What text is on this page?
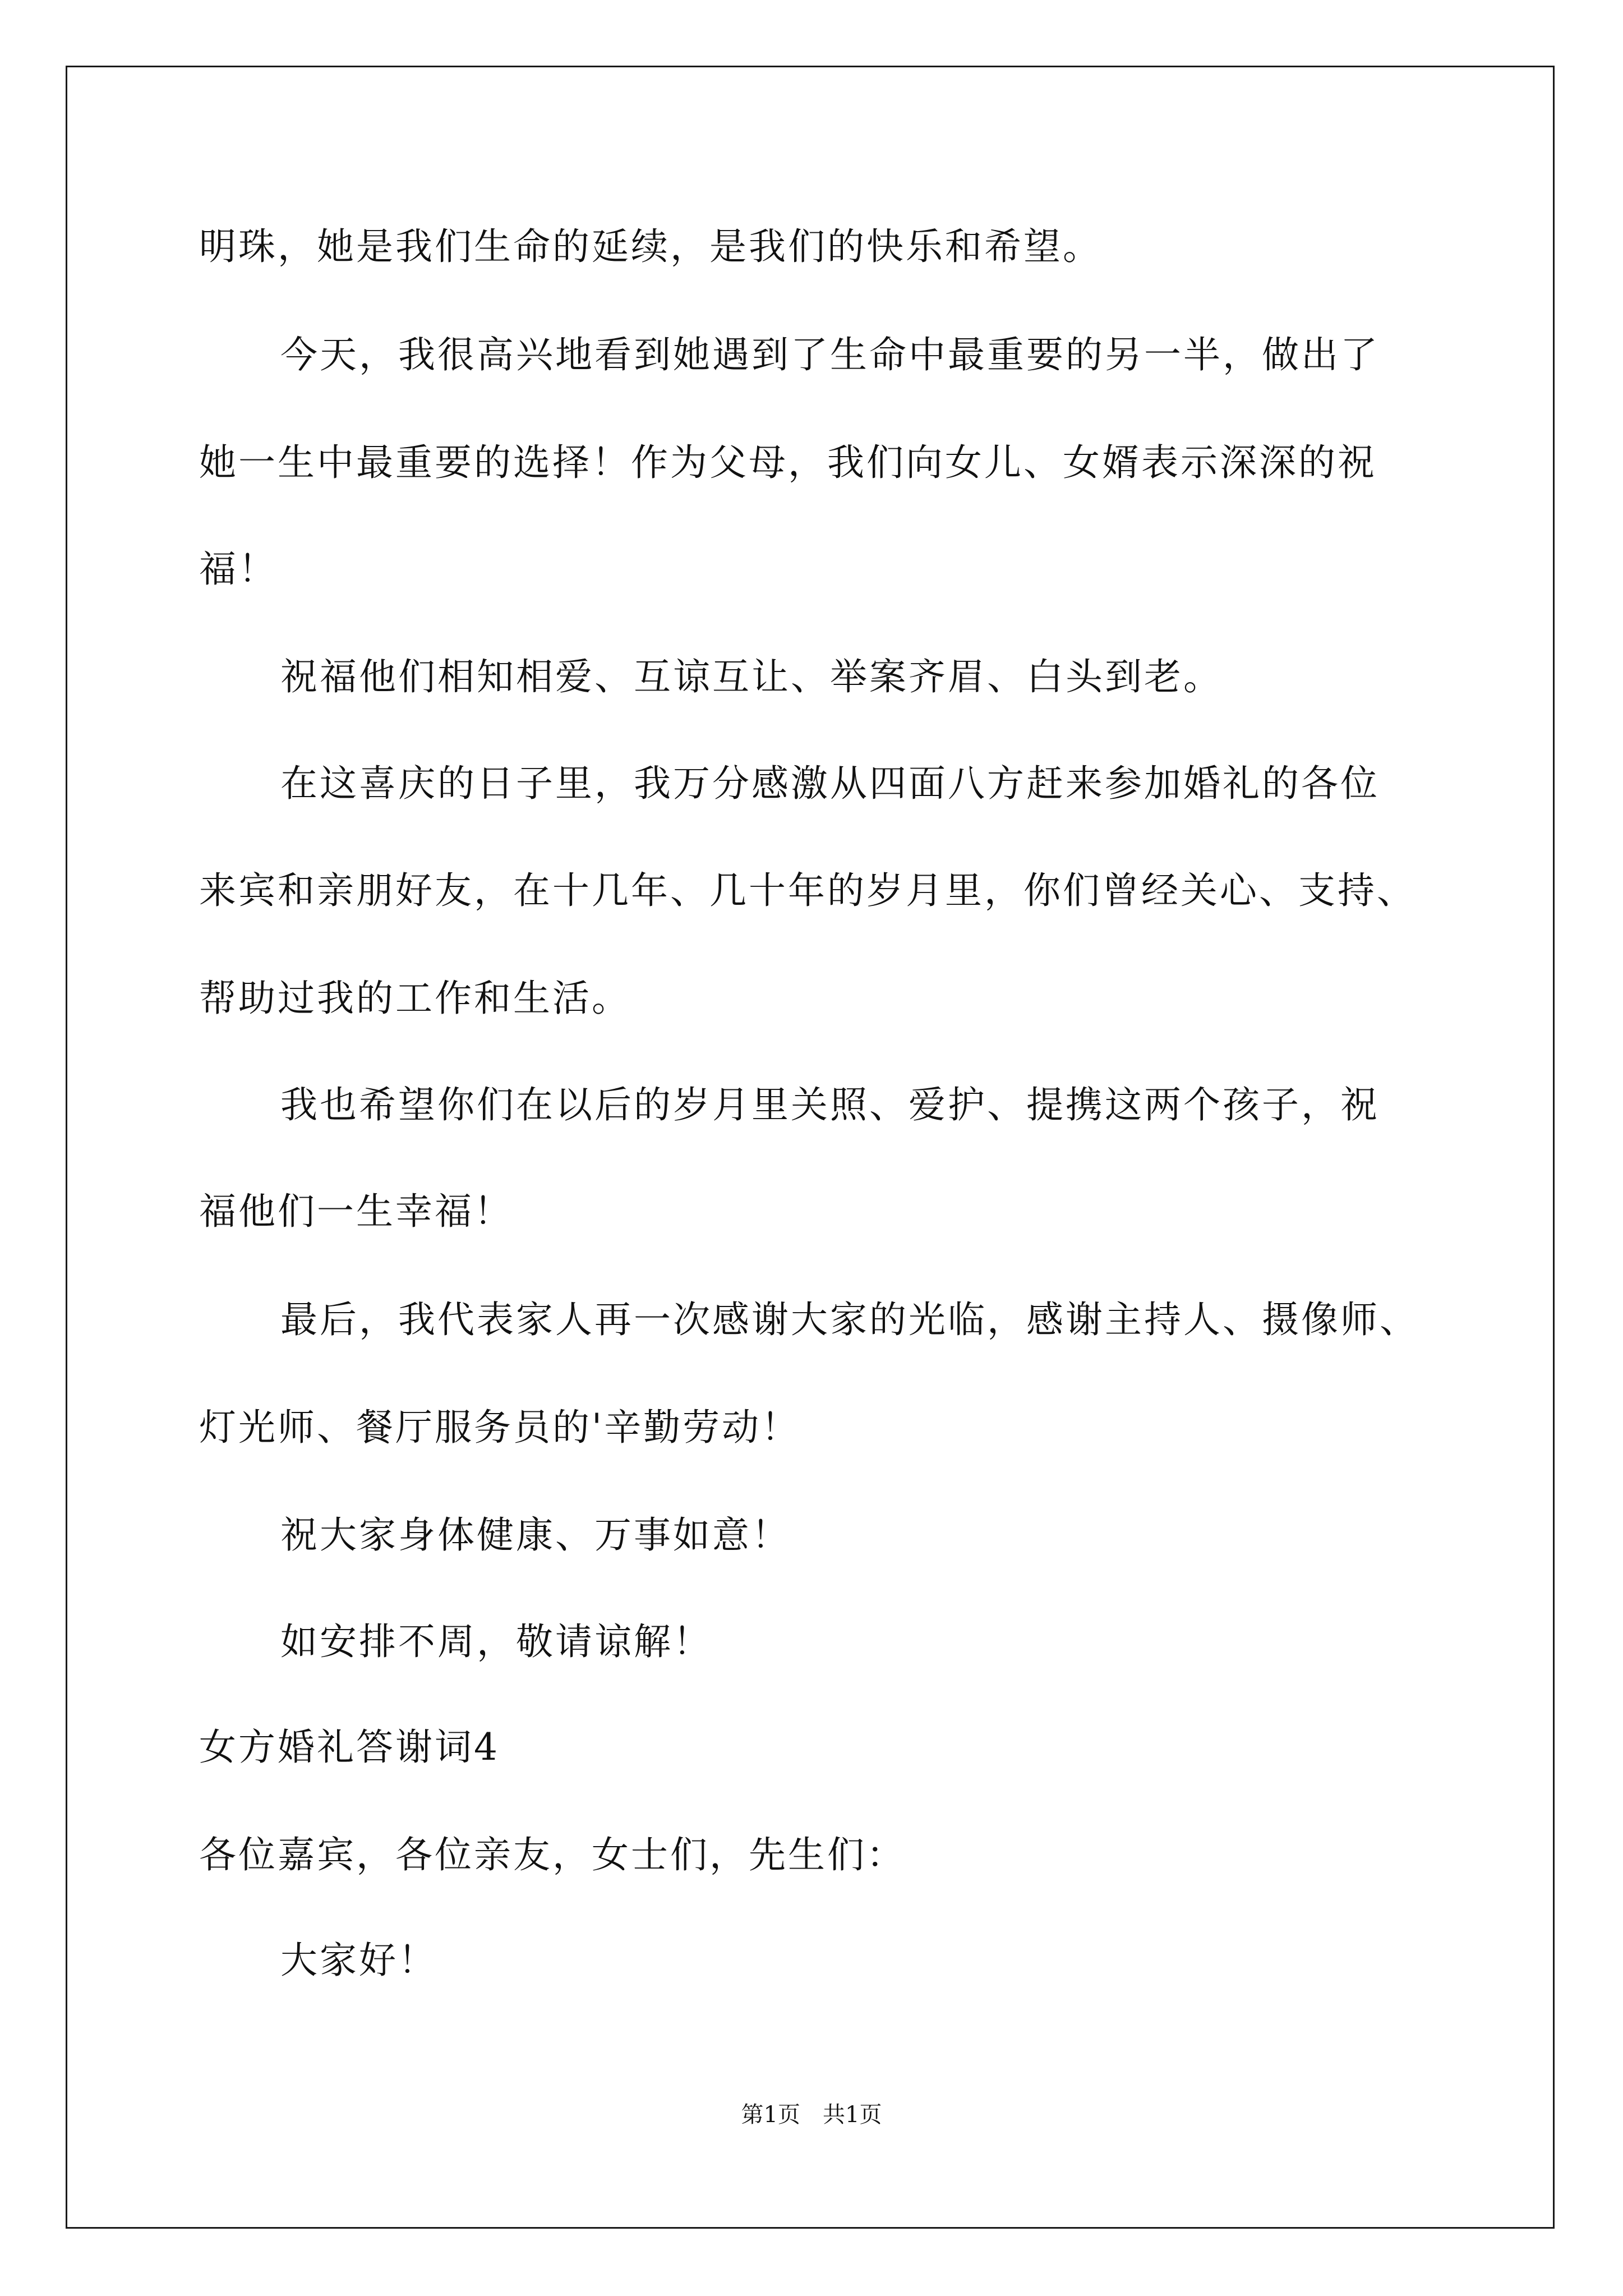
明珠，她是我们生命的延续，是我们的快乐和希望。
今天，我很高兴地看到她遇到了生命中最重要的另一半，做出了
她一生中最重要的选择！作为父母，我们向女儿、女婿表示深深的祝
福！
祝福他们相知相爱、互谅互让、举案齐眉、白头到老。
在这喜庆的日子里，我万分感激从四面八方赶来参加婚礼的各位
来宾和亲朋好友，在十几年、几十年的岁月里，你们曾经关心、支持、
帮助过我的工作和生活。
我也希望你们在以后的岁月里关照、爱护、提携这两个孩子，祝
福他们一生幸福！
最后，我代表家人再一次感谢大家的光临，感谢主持人、摄像师、
灯光师、餐厅服务员的'辛勤劳动！
祝大家身体健康、万事如意！
如安排不周，敬请谅解！
女方婚礼答谢词4
各位嘉宾，各位亲友，女士们，先生们：
大家好！
第1页　共1页
